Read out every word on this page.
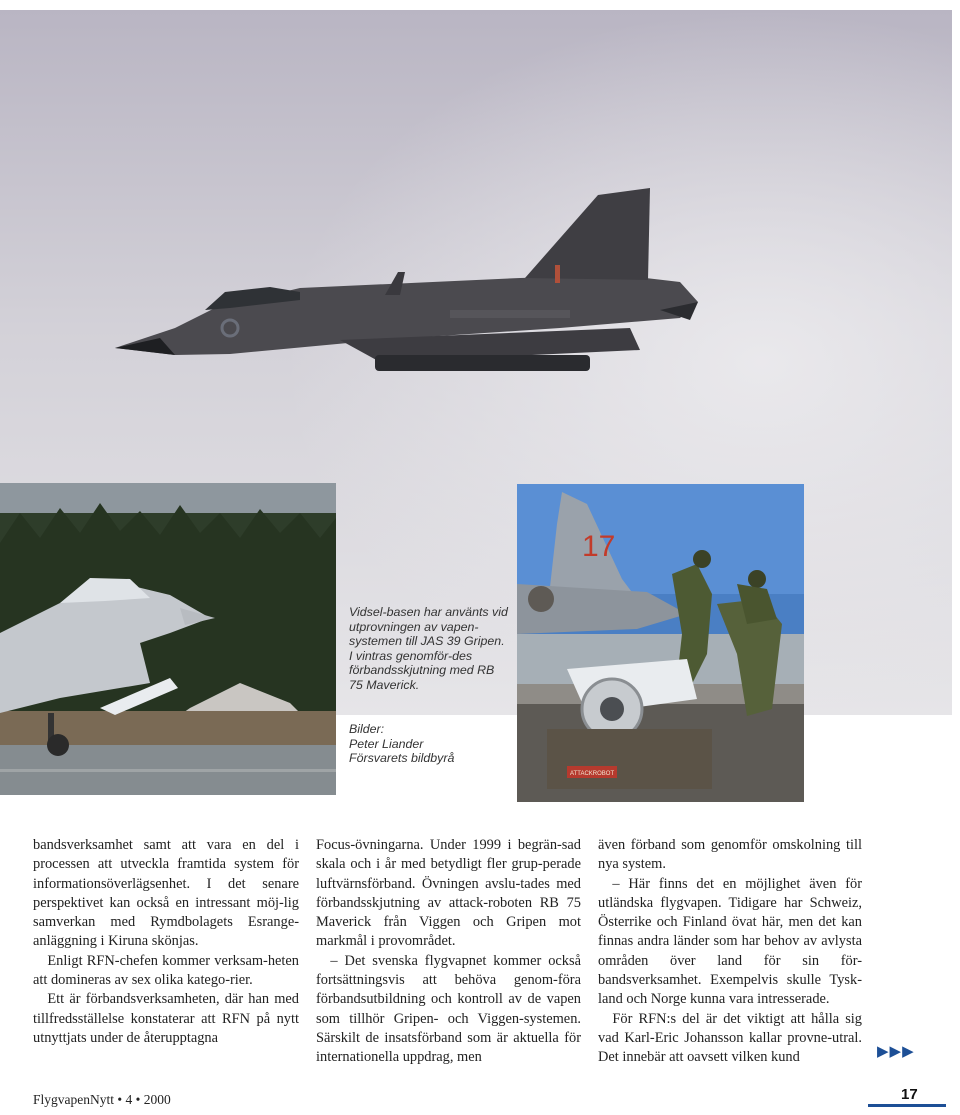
17
ATTACKROBOT
Vidsel-basen har använts vid utprovningen av vapen-systemen till JAS 39 Gripen. I vintras genomför-des förbandsskjutning med RB 75 Maverick.
Bilder:
Peter Liander
Försvarets bildbyrå

bandsverksamhet samt att vara en del i processen att utveckla framtida system för informationsöverlägsenhet. I det senare perspektivet kan också en intressant möj-lig samverkan med Rymdbolagets Esrange-anläggning i Kiruna skönjas.

Enligt RFN-chefen kommer verksam-heten att domineras av sex olika katego-rier.

Ett är förbandsverksamheten, där han med tillfredsställelse konstaterar att RFN på nytt utnyttjats under de återupptagna

Focus-övningarna. Under 1999 i begrän-sad skala och i år med betydligt fler grup-perade luftvärnsförband. Övningen avslu-tades med förbandsskjutning av attack-roboten RB 75 Maverick från Viggen och Gripen mot markmål i provområdet.

– Det svenska flygvapnet kommer också fortsättningsvis att behöva genom-föra förbandsutbildning och kontroll av de vapen som tillhör Gripen- och Viggen-systemen. Särskilt de insatsförband som är aktuella för internationella uppdrag, men

även förband som genomför omskolning till nya system.

– Här finns det en möjlighet även för utländska flygvapen. Tidigare har Schweiz, Österrike och Finland övat här, men det kan finnas andra länder som har behov av avlysta områden över land för sin för-bandsverksamhet. Exempelvis skulle Tysk-land och Norge kunna vara intresserade.

För RFN:s del är det viktigt att hålla sig vad Karl-Eric Johansson kallar provne-utral. Det innebär att oavsett vilken kund	▶▶▶
FlygvapenNytt • 4 • 2000	17
